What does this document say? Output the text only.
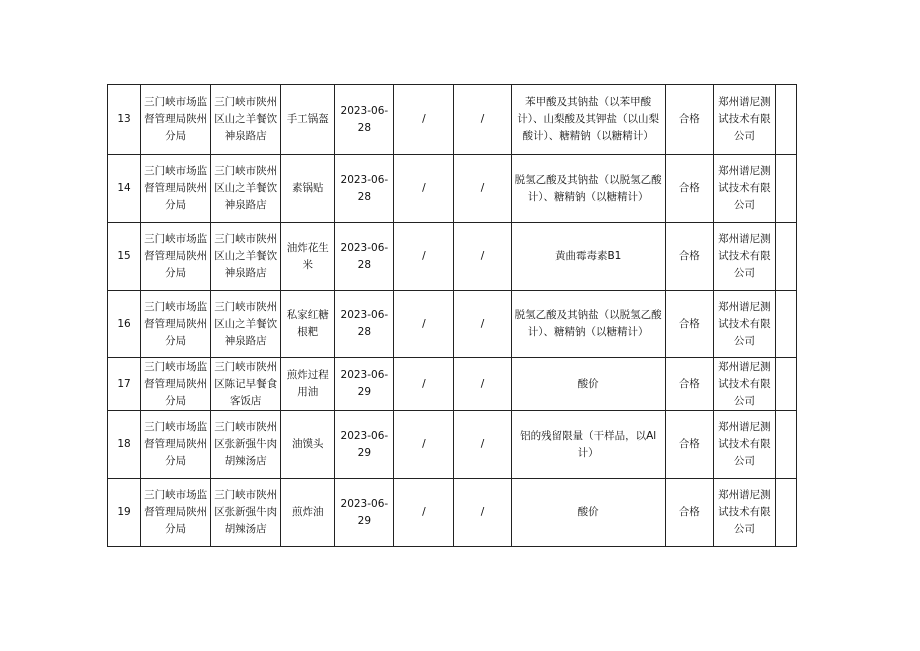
13	三门峡市场监督管理局陕州分局	三门峡市陕州区山之羊餐饮神泉路店	手工锅盔	2023-06-28	/	/	苯甲酸及其钠盐（以苯甲酸计）、山梨酸及其钾盐（以山梨酸计）、糖精钠（以糖精计）	合格	郑州谱尼测试技术有限公司	
14	三门峡市场监督管理局陕州分局	三门峡市陕州区山之羊餐饮神泉路店	素锅贴	2023-06-28	/	/	脱氢乙酸及其钠盐（以脱氢乙酸计）、糖精钠（以糖精计）	合格	郑州谱尼测试技术有限公司	
15	三门峡市场监督管理局陕州分局	三门峡市陕州区山之羊餐饮神泉路店	油炸花生米	2023-06-28	/	/	黄曲霉毒素B1	合格	郑州谱尼测试技术有限公司	
16	三门峡市场监督管理局陕州分局	三门峡市陕州区山之羊餐饮神泉路店	私家红糖根粑	2023-06-28	/	/	脱氢乙酸及其钠盐（以脱氢乙酸计）、糖精钠（以糖精计）	合格	郑州谱尼测试技术有限公司	
17	三门峡市场监督管理局陕州分局	三门峡市陕州区陈记早餐食客饭店	煎炸过程用油	2023-06-29	/	/	酸价	合格	郑州谱尼测试技术有限公司	
18	三门峡市场监督管理局陕州分局	三门峡市陕州区张新强牛肉胡辣汤店	油馍头	2023-06-29	/	/	铝的残留限量（干样品，以Al计）	合格	郑州谱尼测试技术有限公司	
19	三门峡市场监督管理局陕州分局	三门峡市陕州区张新强牛肉胡辣汤店	煎炸油	2023-06-29	/	/	酸价	合格	郑州谱尼测试技术有限公司	
